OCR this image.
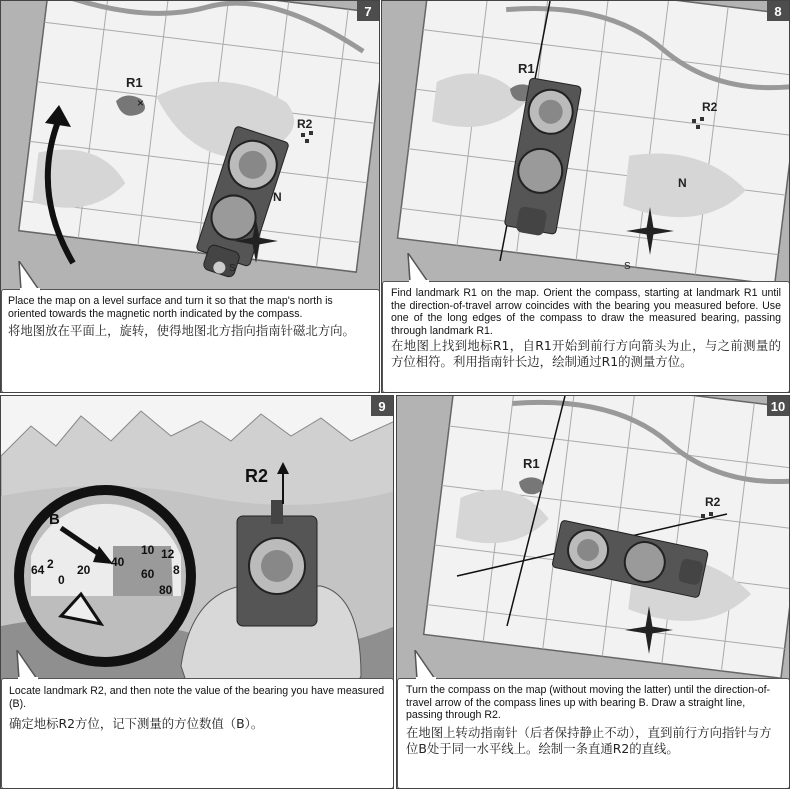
R1
×
R2
N
S
7

Place the map on a level surface and turn it so that the map's north is oriented towards the magnetic north indicated by the compass.

将地图放在平面上，旋转，使得地图北方指向指南针磁北方向。

R1
R2
N
S
8

Find landmark R1 on the map. Orient the compass, starting at landmark R1 until the direction-of-travel arrow coincides with the bearing you measured before. Use one of the long edges of the compass to draw the measured bearing, passing through landmark R1.

在地图上找到地标R1，自R1开始到前行方向箭头为止，与之前测量的方位相符。利用指南针长边，绘制通过R1的测量方位。

64 2
0
20
40
10 12
60
80
8
B
R2
9

Locate landmark R2, and then note the value of the bearing you have measured (B).

确定地标R2方位，记下测量的方位数值（B）。

R1
R2
10

Turn the compass on the map (without moving the latter) until the direction-of-travel arrow of the compass lines up with bearing B. Draw a straight line, passing through R2.

在地图上转动指南针（后者保持静止不动），直到前行方向指针与方位B处于同一水平线上。绘制一条直通R2的直线。
